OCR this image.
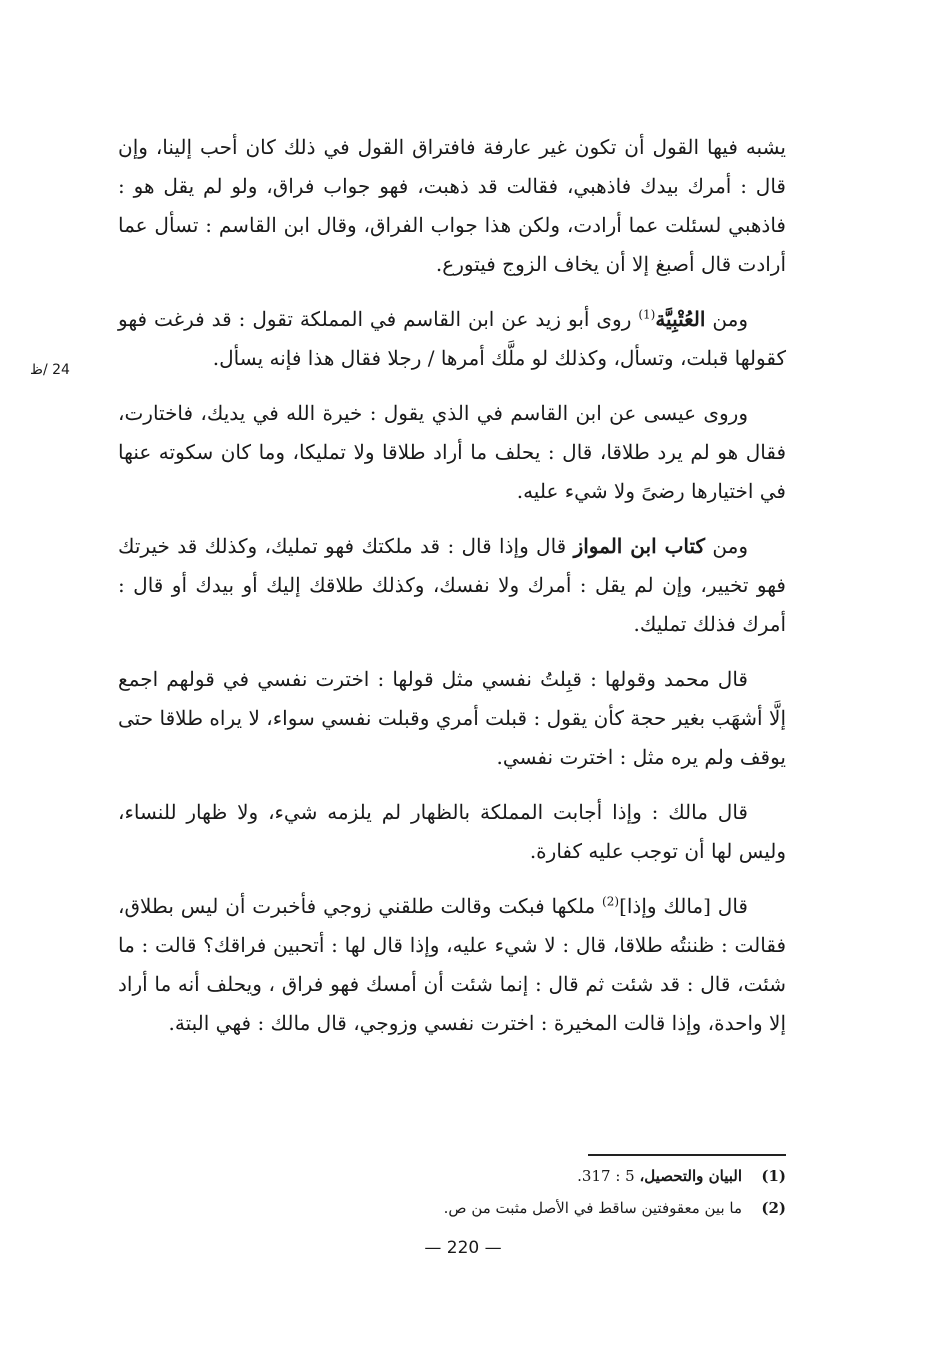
24 /ظ

يشبه فيها القول أن تكون غير عارفة فافتراق القول في ذلك كان أحب إلينا، وإن قال : أمرك بيدك فاذهبي، فقالت قد ذهبت، فهو جواب فراق، ولو لم يقل هو : فاذهبي لسئلت عما أرادت، ولكن هذا جواب الفراق، وقال ابن القاسم : تسأل عما أرادت قال أصبغ إلا أن يخاف الزوج فيتورع.

ومن العُتْبِيَّة$^{(1)}$ روى أبو زيد عن ابن القاسم في المملكة تقول : قد فرغت فهو كقولها قبلت، وتسأل، وكذلك لو ملَّك أمرها / رجلا فقال هذا فإنه يسأل.

وروى عيسى عن ابن القاسم في الذي يقول : خيرة الله في يديك، فاختارت، فقال هو لم يرد طلاقا، قال : يحلف ما أراد طلاقا ولا تمليكا، وما كان سكوته عنها في اختيارها رضىً ولا شيء عليه.

ومن كتاب ابن المواز قال وإذا قال : قد ملكتك فهو تمليك، وكذلك قد خيرتك فهو تخيير، وإن لم يقل : أمرك ولا نفسك، وكذلك طلاقك إليك أو بيدك أو قال : أمرك فذلك تمليك.

قال محمد وقولها : قبِلتُ نفسي مثل قولها : اخترت نفسي في قولهم اجمع إلَّا أشهَب بغير حجة كأن يقول : قبلت أمري وقبلت نفسي سواء، لا يراه طلاقا حتى يوقف ولم يره مثل : اخترت نفسي.

قال مالك : وإذا أجابت المملكة بالظهار لم يلزمه شيء، ولا ظهار للنساء، وليس لها أن توجب عليه كفارة.

قال [مالك وإذا]$^{(2)}$ ملكها فبكت وقالت طلقني زوجي فأخبرت أن ليس بطلاق، فقالت : ظننتُه طلاقا، قال : لا شيء عليه، وإذا قال لها : أتحبين فراقك؟ قالت : ما شئت، قال : قد شئت ثم قال : إنما شئت أن أمسك فهو فراق ، ويحلف أنه ما أراد إلا واحدة، وإذا قالت المخيرة : اخترت نفسي وزوجي، قال مالك : فهي البتة.

(1)
البيان والتحصيل، 5 : 317.
(2)
ما بين معقوفتين ساقط في الأصل مثبت من ص.
— 220 —
